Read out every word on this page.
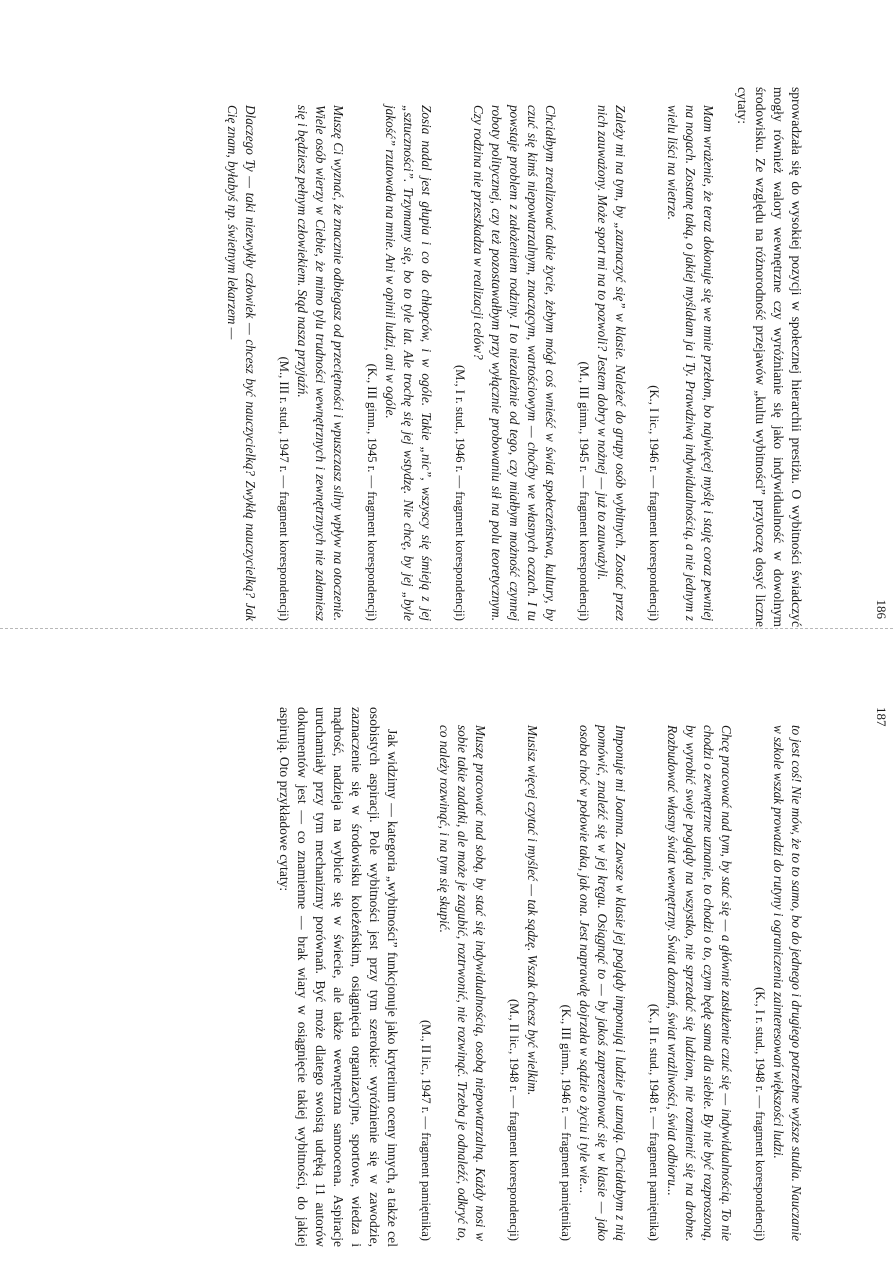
sprowadzała się do wysokiej pozycji w społecznej hierarchii prestiżu. O wybitności świadczyć mogły również walory wewnętrzne czy wyróżnianie się jako indywidualność w dowolnym środowisku. Ze względu na różnorodność przejawów „kultu wybitności” przytoczę dosyć liczne cytaty:

Mam wrażenie, że teraz dokonuje się we mnie przełom, bo najwięcej myślę i staję coraz pewniej na nogach. Zostanę taką, o jakiej myślałam ja i Ty. Prawdziwą indywidualnością, a nie jednym z wielu liści na wietrze.

(K., I lic., 1946 r. — fragment korespondencji)

Zależy mi na tym, by „zaznaczyć się” w klasie. Należeć do grupy osób wybitnych. Zostać przez nich zauważony. Może sport mi na to pozwoli? Jestem dobry w nożnej — już to zauważyli.

(M., III gimn., 1945 r. — fragment korespondencji)

Chciałbym zrealizować takie życie, żebym mógł coś wnieść w świat społeczeństwa, kultury, by czuć się kimś niepowtarzalnym, znaczącym, wartościowym — choćby we własnych oczach. I tu powstaje problem z założeniem rodziny. I to niezależnie od tego, czy miałbym możność czynnej roboty politycznej, czy też pozostawałbym przy wyłącznie probowaniu sił na polu teoretycznym. Czy rodzina nie przeszkadza w realizacji celów?

(M., I r. stud., 1946 r. — fragment korespondencji)

Zosia nadal jest głupia i co do chłopców, i w ogóle. Takie „nic”, wszyscy się śmieją z jej „sztuczności”. Trzymamy się, bo to tyle lat. Ale trochę się jej wstydzę. Nie chcę, by jej „byle jakość” rzutowała na mnie. Ani w opinii ludzi, ani w ogóle.

(K., III gimn., 1945 r. — fragment korespondencji)

Muszę Ci wyznać, że znacznie odbiegasz od przeciętności i wpuszczasz silny wpływ na otoczenie. Wiele osób wierzy w Ciebie, że mimo tylu trudności wewnętrznych i zewnętrznych nie załamiesz się i będziesz pełnym człowiekiem. Stąd nasza przyjaźń.

(M., III r. stud., 1947 r. — fragment korespondencji)

Dlaczego Ty — taki niezwykły człowiek — chcesz być nauczycielką? Zwykłą nauczycielką? Jak Cię znam, byłabyś np. świetnym lekarzem —

186
187

to jest coś! Nie mów, że to to samo, bo do jednego i drugiego potrzebne wyższe studia. Nauczanie w szkole wszak prowadzi do rutyny i ograniczenia zainteresowań większości ludzi.

(K., I r. stud., 1948 r. — fragment korespondencji)

Chcę pracować nad tym, by stać się — a głównie zasłużenie czuć się — indywidualnością. To nie chodzi o zewnętrzne uznanie, to chodzi o to, czym będę sama dla siebie. By nie być rozproszoną, by wyrobić swoje poglądy na wszystko, nie sprzedać się ludziom, nie rozmienić się na drobne. Rozbudować własny świat wewnętrzny. Świat doznań, świat wrażliwości, świat odbioru...

(K., II r. stud., 1948 r. — fragment pamiętnika)

Imponuje mi Joanna. Zawsze w klasie jej poglądy imponują i ludzie je uznają. Chciałabym z nią pomówić, znaleźć się w jej kręgu. Osiągnąć to — by jakoś zaprezentować się w klasie — jako osoba choć w połowie taka, jak ona. Jest naprawdę dojrzała w sądzie o życiu i tyle wie...

(K., III gimn., 1946 r. — fragment pamiętnika)

Musisz więcej czytać i myśleć — tak sądzę. Wszak chcesz być wielkim.

(M., II lic., 1948 r. — fragment korespondencji)

Muszę pracować nad sobą, by stać się indywidualnością, osobą niepowtarzalną. Każdy nosi w sobie takie zadatki, ale może je zagubić, roztrwonić, nie rozwinąć. Trzeba je odnaleźć, odkryć to, co należy rozwinąć, i na tym się skupić.

(M., II lic., 1947 r. — fragment pamiętnika)

Jak widzimy — kategoria „wybitności” funkcjonuje jako kryterium oceny innych, a także cel osobistych aspiracji. Pole wybitności jest przy tym szerokie: wyróżnienie się w zawodzie, zaznaczenie się w środowisku koleżeńskim, osiągnięcia organizacyjne, sportowe, wiedza i mądrość, nadzieja na wybicie się w świecie, ale także wewnętrzna samoocena. Aspiracje uruchamiały przy tym mechanizmy porównań. Być może dlatego swoistą udręką 11 autorów dokumentów jest — co znamienne — brak wiary w osiągnięcie takiej wybitności, do jakiej aspirują. Oto przykładowe cytaty:
